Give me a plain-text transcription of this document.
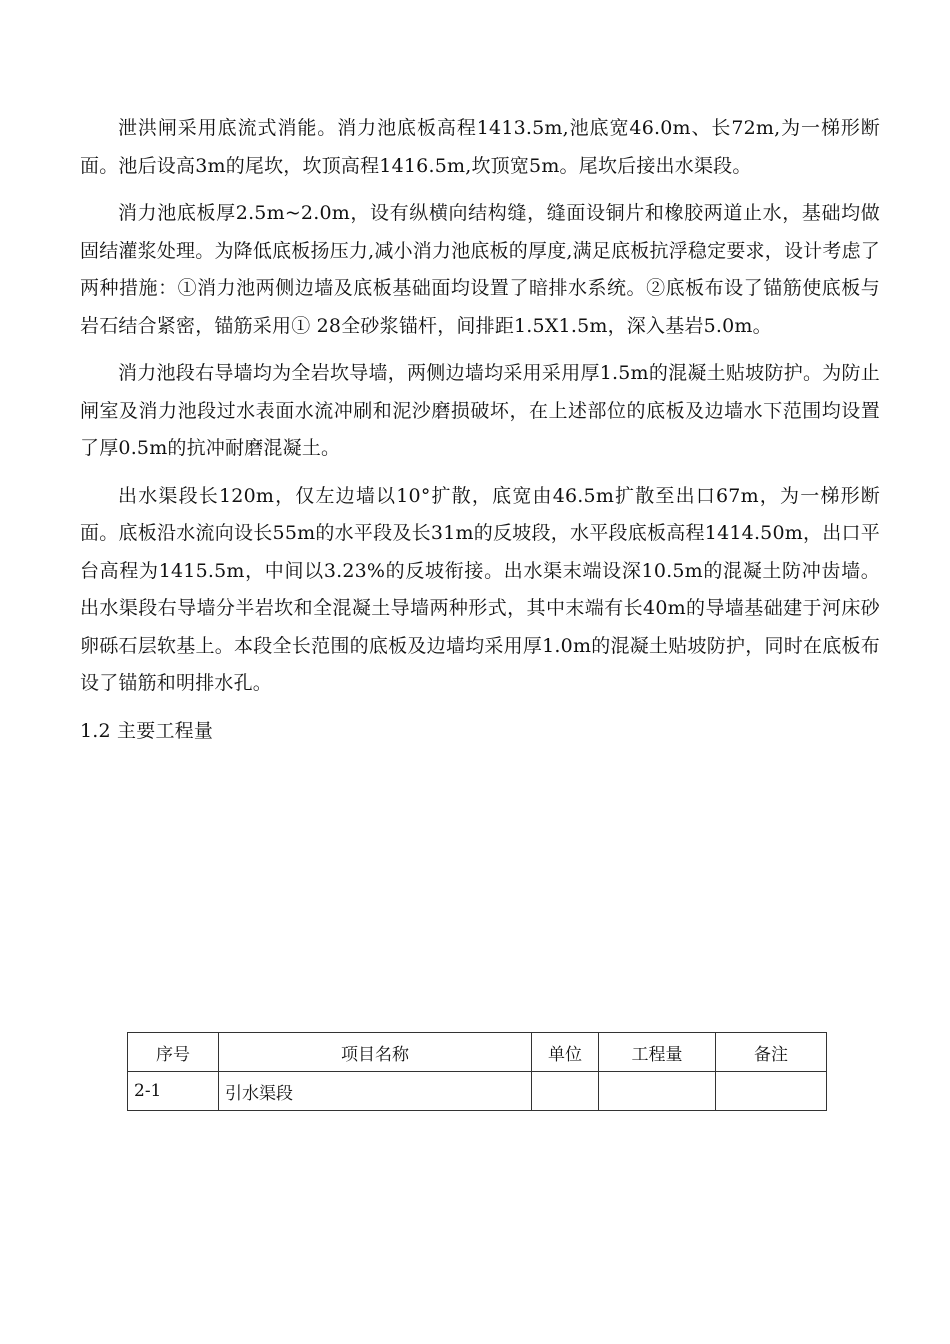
泄洪闸采用底流式消能。消力池底板高程1413.5m,池底宽46.0m、长72m,为一梯形断面。池后设高3m的尾坎，坎顶高程1416.5m,坎顶宽5m。尾坎后接出水渠段。

消力池底板厚2.5m~2.0m，设有纵横向结构缝，缝面设铜片和橡胶两道止水，基础均做固结灌浆处理。为降低底板扬压力,减小消力池底板的厚度,满足底板抗浮稳定要求，设计考虑了两种措施：①消力池两侧边墙及底板基础面均设置了暗排水系统。②底板布设了锚筋使底板与岩石结合紧密，锚筋采用① 28全砂浆锚杆，间排距1.5X1.5m，深入基岩5.0m。

消力池段右导墙均为全岩坎导墙，两侧边墙均采用采用厚1.5m的混凝土贴坡防护。为防止闸室及消力池段过水表面水流冲刷和泥沙磨损破坏，在上述部位的底板及边墙水下范围均设置了厚0.5m的抗冲耐磨混凝土。

出水渠段长120m，仅左边墙以10°扩散，底宽由46.5m扩散至出口67m，为一梯形断面。底板沿水流向设长55m的水平段及长31m的反坡段，水平段底板高程1414.50m，出口平台高程为1415.5m，中间以3.23%的反坡衔接。出水渠末端设深10.5m的混凝土防冲齿墙。出水渠段右导墙分半岩坎和全混凝土导墙两种形式，其中末端有长40m的导墙基础建于河床砂卵砾石层软基上。本段全长范围的底板及边墙均采用厚1.0m的混凝土贴坡防护，同时在底板布设了锚筋和明排水孔。

1.2 主要工程量

序号	项目名称	单位	工程量	备注
2-1	引水渠段			
